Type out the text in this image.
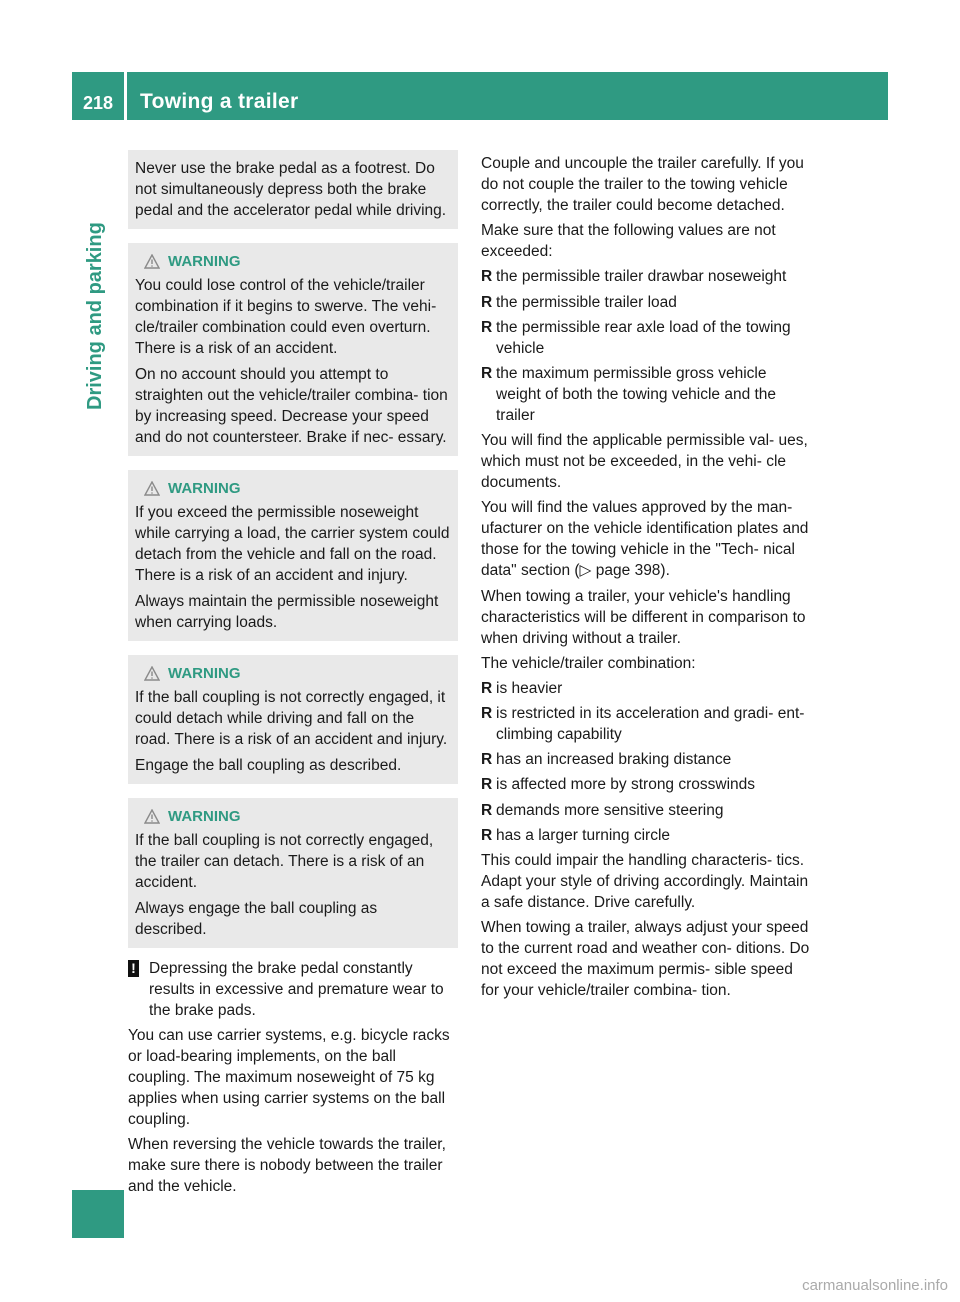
218	Towing a trailer
Driving and parking

Never use the brake pedal as a footrest. Do not simultaneously depress both the brake pedal and the accelerator pedal while driving.

WARNING

You could lose control of the vehicle/trailer combination if it begins to swerve. The vehi- cle/trailer combination could even overturn. There is a risk of an accident.

On no account should you attempt to straighten out the vehicle/trailer combina- tion by increasing speed. Decrease your speed and do not countersteer. Brake if nec- essary.

WARNING

If you exceed the permissible noseweight while carrying a load, the carrier system could detach from the vehicle and fall on the road. There is a risk of an accident and injury.

Always maintain the permissible noseweight when carrying loads.

WARNING

If the ball coupling is not correctly engaged, it could detach while driving and fall on the road. There is a risk of an accident and injury.

Engage the ball coupling as described.

WARNING

If the ball coupling is not correctly engaged, the trailer can detach. There is a risk of an accident.

Always engage the ball coupling as described.

! Depressing the brake pedal constantly results in excessive and premature wear to the brake pads.

You can use carrier systems, e.g. bicycle racks or load-bearing implements, on the ball coupling. The maximum noseweight of 75 kg applies when using carrier systems on the ball coupling.

When reversing the vehicle towards the trailer, make sure there is nobody between the trailer and the vehicle.

Couple and uncouple the trailer carefully. If you do not couple the trailer to the towing vehicle correctly, the trailer could become detached.

Make sure that the following values are not exceeded:

R the permissible trailer drawbar noseweight
R the permissible trailer load
R the permissible rear axle load of the towing vehicle
R the maximum permissible gross vehicle weight of both the towing vehicle and the trailer

You will find the applicable permissible val- ues, which must not be exceeded, in the vehi- cle documents.

You will find the values approved by the man- ufacturer on the vehicle identification plates and those for the towing vehicle in the "Tech- nical data" section (▷ page 398).

When towing a trailer, your vehicle's handling characteristics will be different in comparison to when driving without a trailer.

The vehicle/trailer combination:

R is heavier
R is restricted in its acceleration and gradi- ent-climbing capability
R has an increased braking distance
R is affected more by strong crosswinds
R demands more sensitive steering
R has a larger turning circle

This could impair the handling characteris- tics. Adapt your style of driving accordingly. Maintain a safe distance. Drive carefully.

When towing a trailer, always adjust your speed to the current road and weather con- ditions. Do not exceed the maximum permis- sible speed for your vehicle/trailer combina- tion.

carmanualsonline.info
